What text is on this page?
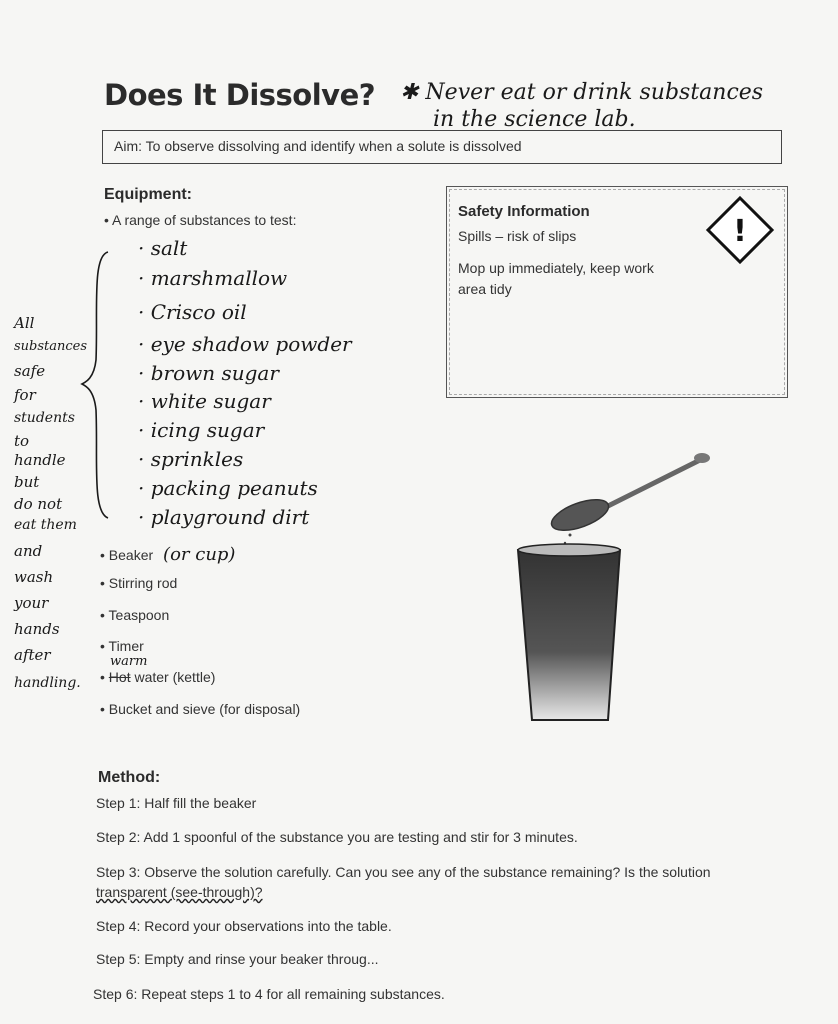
Does It Dissolve? ✱ Never eat or drink substances
in the science lab.
Aim: To observe dissolving and identify when a solute is dissolved
Equipment:
• A range of substances to test:
· salt
· marshmallow
· Crisco oil
· eye shadow powder
· brown sugar
· white sugar
· icing sugar
· sprinkles
· packing peanuts
· playground dirt
All
substances
safe
for
students
to
handle
but
do not
eat them
and
wash
your
hands
after
handling.
• Beaker (or cup)
• Stirring rod
• Teaspoon
• Timer
warm
• Hot water (kettle)
• Bucket and sieve (for disposal)
Safety Information
Spills – risk of slips
Mop up immediately, keep work
area tidy
!
Method:
Step 1: Half fill the beaker
Step 2: Add 1 spoonful of the substance you are testing and stir for 3 minutes.
Step 3: Observe the solution carefully. Can you see any of the substance remaining? Is the solution
transparent (see-through)?
Step 4: Record your observations into the table.
Step 5: Empty and rinse your beaker throug...
Step 6: Repeat steps 1 to 4 for all remaining substances.
